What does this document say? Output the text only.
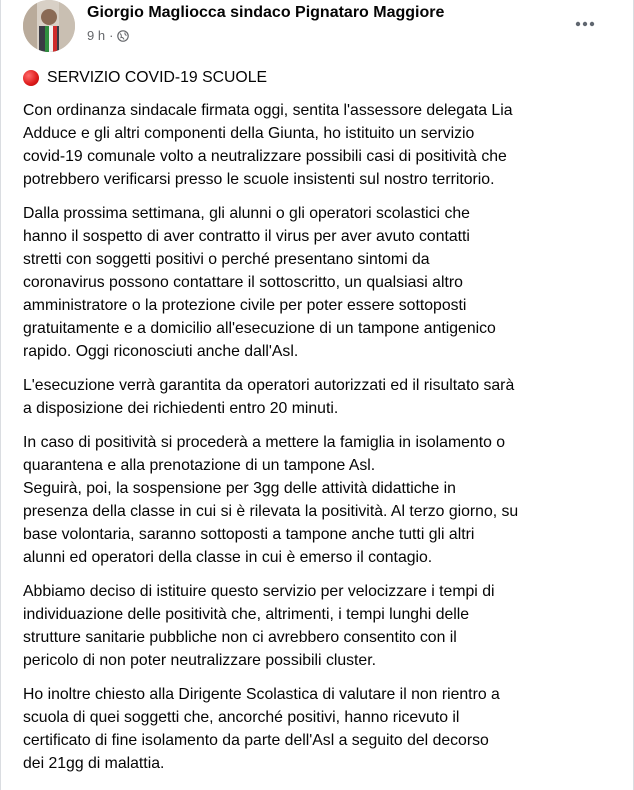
Giorgio Magliocca sindaco Pignataro Maggiore
9 h ·
SERVIZIO COVID-19 SCUOLE
Con ordinanza sindacale firmata oggi, sentita l'assessore delegata Lia
Adduce e gli altri componenti della Giunta, ho istituito un servizio
covid-19 comunale volto a neutralizzare possibili casi di positività che
potrebbero verificarsi presso le scuole insistenti sul nostro territorio.
Dalla prossima settimana, gli alunni o gli operatori scolastici che
hanno il sospetto di aver contratto il virus per aver avuto contatti
stretti con soggetti positivi o perché presentano sintomi da
coronavirus possono contattare il sottoscritto, un qualsiasi altro
amministratore o la protezione civile per poter essere sottoposti
gratuitamente e a domicilio all'esecuzione di un tampone antigenico
rapido. Oggi riconosciuti anche dall'Asl.
L'esecuzione verrà garantita da operatori autorizzati ed il risultato sarà
a disposizione dei richiedenti entro 20 minuti.
In caso di positività si procederà a mettere la famiglia in isolamento o
quarantena e alla prenotazione di un tampone Asl.
Seguirà, poi, la sospensione per 3gg delle attività didattiche in
presenza della classe in cui si è rilevata la positività. Al terzo giorno, su
base volontaria, saranno sottoposti a tampone anche tutti gli altri
alunni ed operatori della classe in cui è emerso il contagio.
Abbiamo deciso di istituire questo servizio per velocizzare i tempi di
individuazione delle positività che, altrimenti, i tempi lunghi delle
strutture sanitarie pubbliche non ci avrebbero consentito con il
pericolo di non poter neutralizzare possibili cluster.
Ho inoltre chiesto alla Dirigente Scolastica di valutare il non rientro a
scuola di quei soggetti che, ancorché positivi, hanno ricevuto il
certificato di fine isolamento da parte dell'Asl a seguito del decorso
dei 21gg di malattia.
